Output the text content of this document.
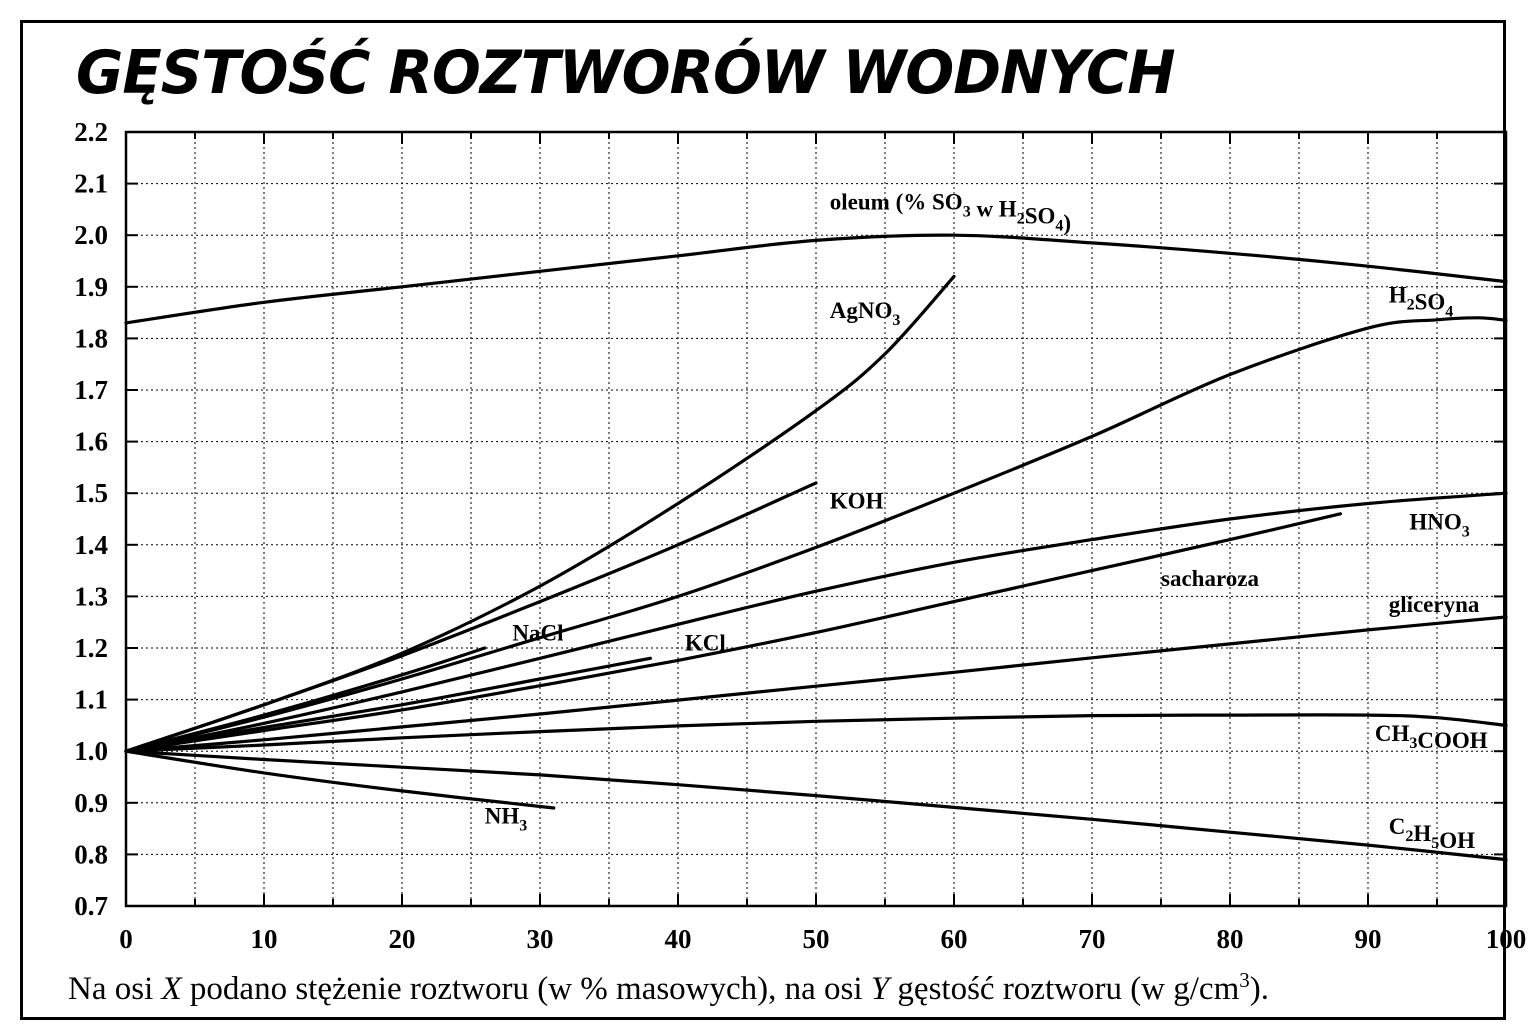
GĘSTOŚĆ ROZTWORÓW WODNYCH
0	10	20	30	40	50	60	70	80	90	100
0.7
0.8
0.9
1.0
1.1
1.2
1.3
1.4
1.5
1.6
1.7
1.8
1.9
2.0
2.1
2.2
oleum (% $SO_3$ w $H_2SO_4$)
AgNO$_3$
$H_2SO_4$
KOH
$HNO_3$
sacharoza
NaCl	KCl
gliceryna
$CH_3COOH$
$NH_3$	$C_2H_5OH$
Na osi X podano stężenie roztworu (w % masowych), na osi Y gęstość roztworu (w $g/cm^3$).
